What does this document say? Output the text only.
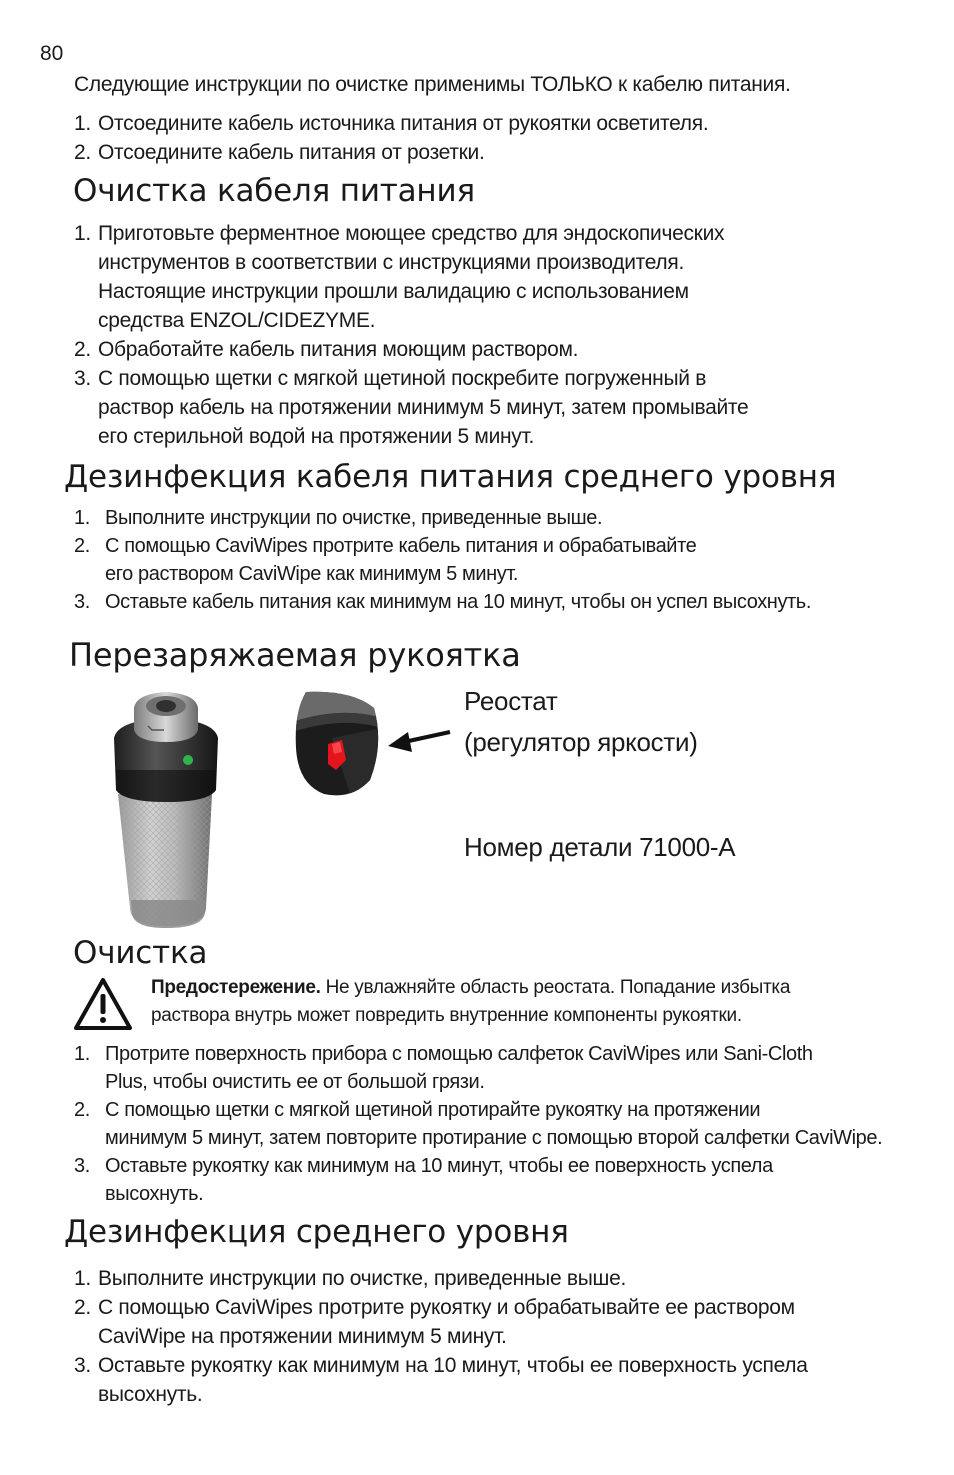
80
Следующие инструкции по очистке применимы ТОЛЬКО к кабелю питания.
1. Отсоедините кабель источника питания от рукоятки осветителя.
2. Отсоедините кабель питания от розетки.
Очистка кабеля питания
1. Приготовьте ферментное моющее средство для эндоскопических
инструментов в соответствии с инструкциями производителя.
Настоящие инструкции прошли валидацию с использованием
средства ENZOL/CIDEZYME.
2. Обработайте кабель питания моющим раствором.
3. С помощью щетки с мягкой щетиной поскребите погруженный в
раствор кабель на протяжении минимум 5 минут, затем промывайте
его стерильной водой на протяжении 5 минут.
Дезинфекция кабеля питания среднего уровня
1. Выполните инструкции по очистке, приведенные выше.
2. С помощью CaviWipes протрите кабель питания и обрабатывайте
его раствором CaviWipe как минимум 5 минут.
3. Оставьте кабель питания как минимум на 10 минут, чтобы он успел высохнуть.
Перезаряжаемая рукоятка
Реостат
(регулятор яркости)
Номер детали 71000-A
Очистка
Предостережение. Не увлажняйте область реостата. Попадание избытка
раствора внутрь может повредить внутренние компоненты рукоятки.
1. Протрите поверхность прибора с помощью салфеток CaviWipes или Sani-Cloth
Plus, чтобы очистить ее от большой грязи.
2. С помощью щетки с мягкой щетиной протирайте рукоятку на протяжении
минимум 5 минут, затем повторите протирание с помощью второй салфетки CaviWipe.
3. Оставьте рукоятку как минимум на 10 минут, чтобы ее поверхность успела
высохнуть.
Дезинфекция среднего уровня
1. Выполните инструкции по очистке, приведенные выше.
2. С помощью CaviWipes протрите рукоятку и обрабатывайте ее раствором
CaviWipe на протяжении минимум 5 минут.
3. Оставьте рукоятку как минимум на 10 минут, чтобы ее поверхность успела
высохнуть.
